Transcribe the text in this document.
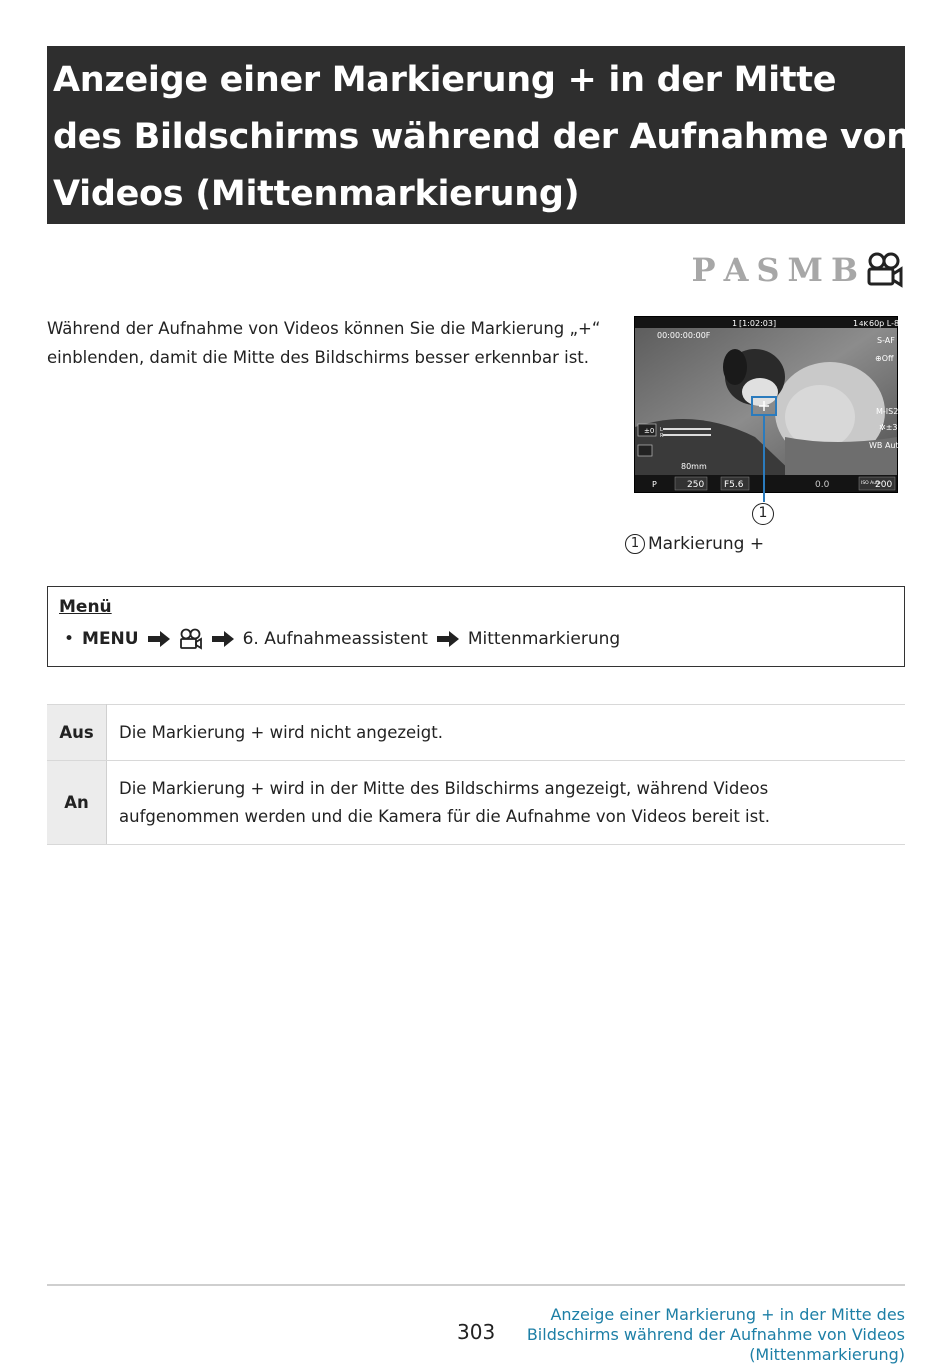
Anzeige einer Markierung + in der Mitte
des Bildschirms während der Aufnahme von
Videos (Mittenmarkierung)
P A S M B
Während der Aufnahme von Videos können Sie die Markierung „+“ einblenden, damit die Mitte des Bildschirms besser erkennbar ist.
1 [1:02:03]	1 4K 60p L-8
00:00:00:00F
S-AF
⊕Off
M-IS2
✲±3
WB Auto
±0 L
R
80mm
P	250 F5.6	0.0	ISO Auto
200
1
1 Markierung +
Menü
• MENU	6. Aufnahmeassistent Mittenmarkierung
Aus	Die Markierung + wird nicht angezeigt.
An	Die Markierung + wird in der Mitte des Bildschirms angezeigt, während Videos aufgenommen werden und die Kamera für die Aufnahme von Videos bereit ist.
303
Anzeige einer Markierung + in der Mitte des Bildschirms während der Aufnahme von Videos (Mittenmarkierung)
